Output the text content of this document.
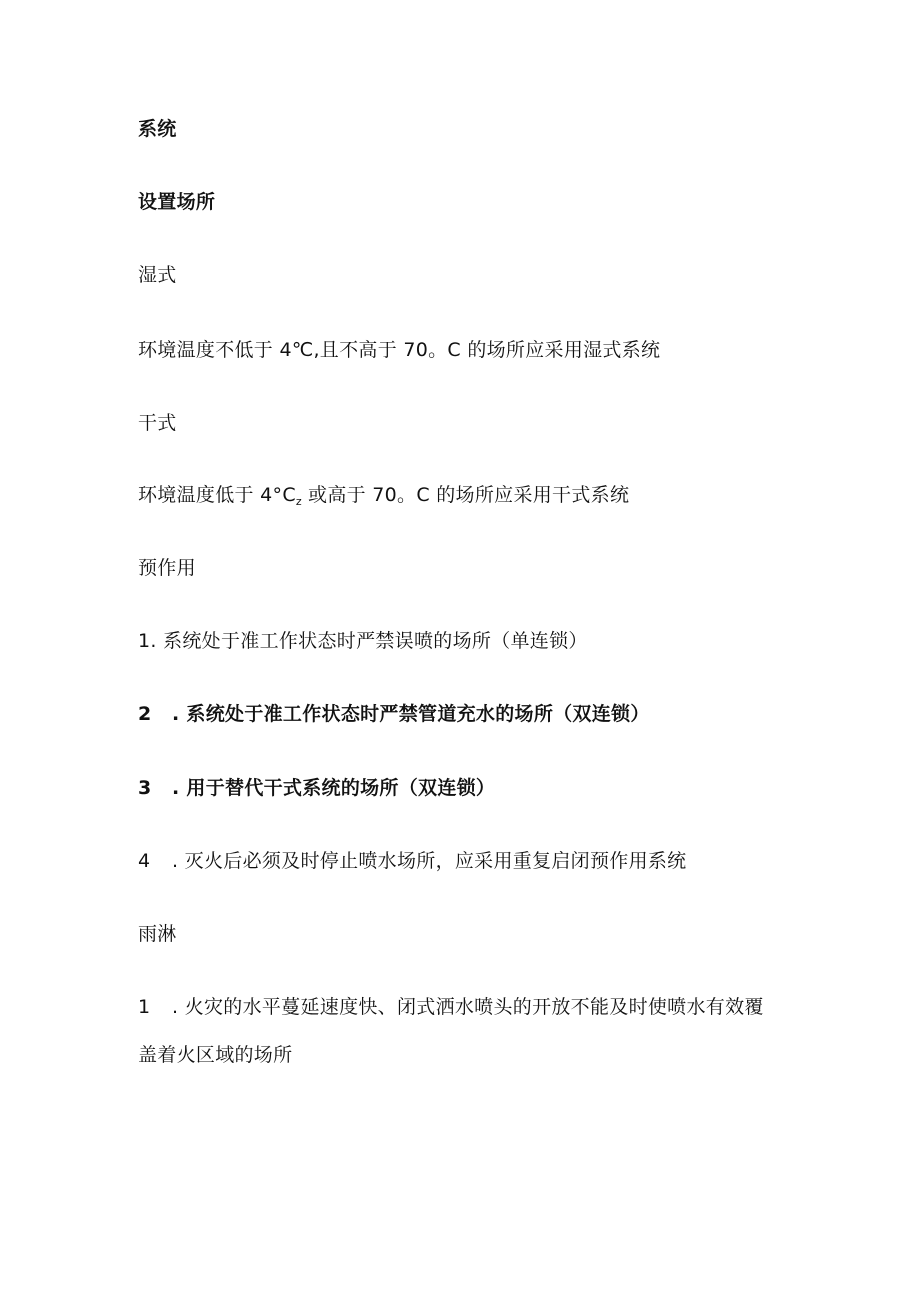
系统
设置场所
湿式
环境温度不低于 4℃,且不高于 70。C 的场所应采用湿式系统
干式
环境温度低于 $4^\circ C_z$ 或高于 70。C 的场所应采用干式系统
预作用
1. 系统处于准工作状态时严禁误喷的场所（单连锁）
2 . 系统处于准工作状态时严禁管道充水的场所（双连锁）
3 . 用于替代干式系统的场所（双连锁）
4 . 灭火后必须及时停止喷水场所，应采用重复启闭预作用系统
雨淋
1 . 火灾的水平蔓延速度快、闭式洒水喷头的开放不能及时使喷水有效覆
盖着火区域的场所
